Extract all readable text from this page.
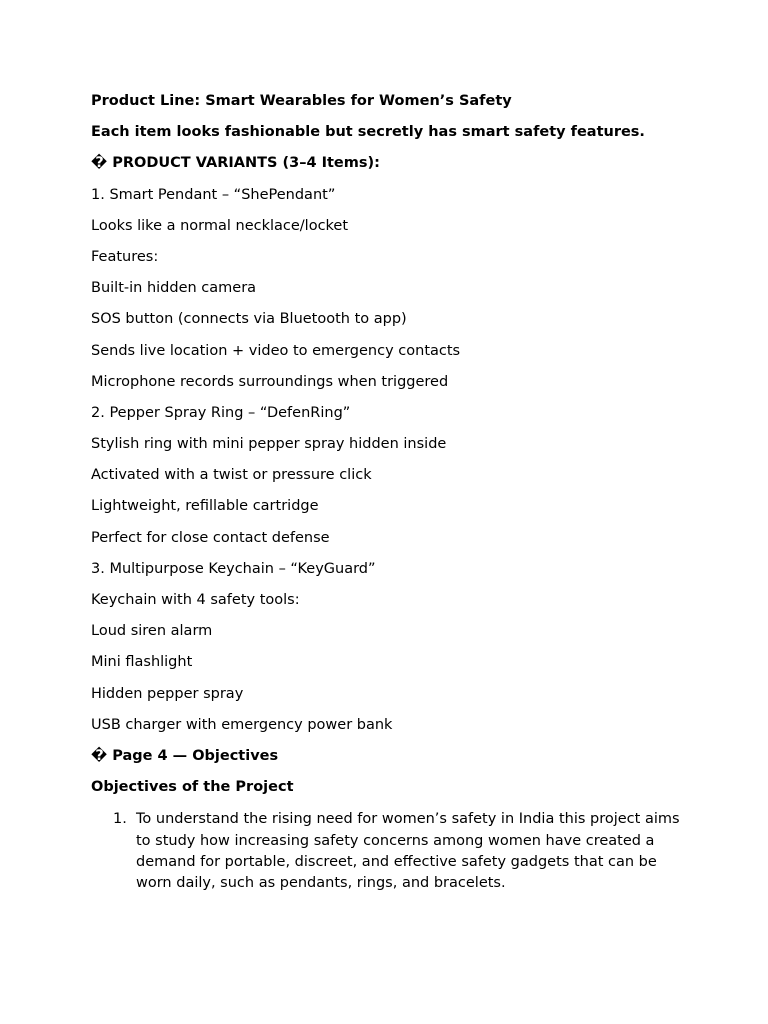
Product Line: Smart Wearables for Women’s Safety
Each item looks fashionable but secretly has smart safety features.
� PRODUCT VARIANTS (3–4 Items):
1. Smart Pendant – “ShePendant”
Looks like a normal necklace/locket
Features:
Built-in hidden camera
SOS button (connects via Bluetooth to app)
Sends live location + video to emergency contacts
Microphone records surroundings when triggered
2. Pepper Spray Ring – “DefenRing”
Stylish ring with mini pepper spray hidden inside
Activated with a twist or pressure click
Lightweight, refillable cartridge
Perfect for close contact defense
3. Multipurpose Keychain – “KeyGuard”
Keychain with 4 safety tools:
Loud siren alarm
Mini flashlight
Hidden pepper spray
USB charger with emergency power bank
� Page 4 — Objectives
Objectives of the Project
1. To understand the rising need for women’s safety in India this project aims to study how increasing safety concerns among women have created a demand for portable, discreet, and effective safety gadgets that can be worn daily, such as pendants, rings, and bracelets.
